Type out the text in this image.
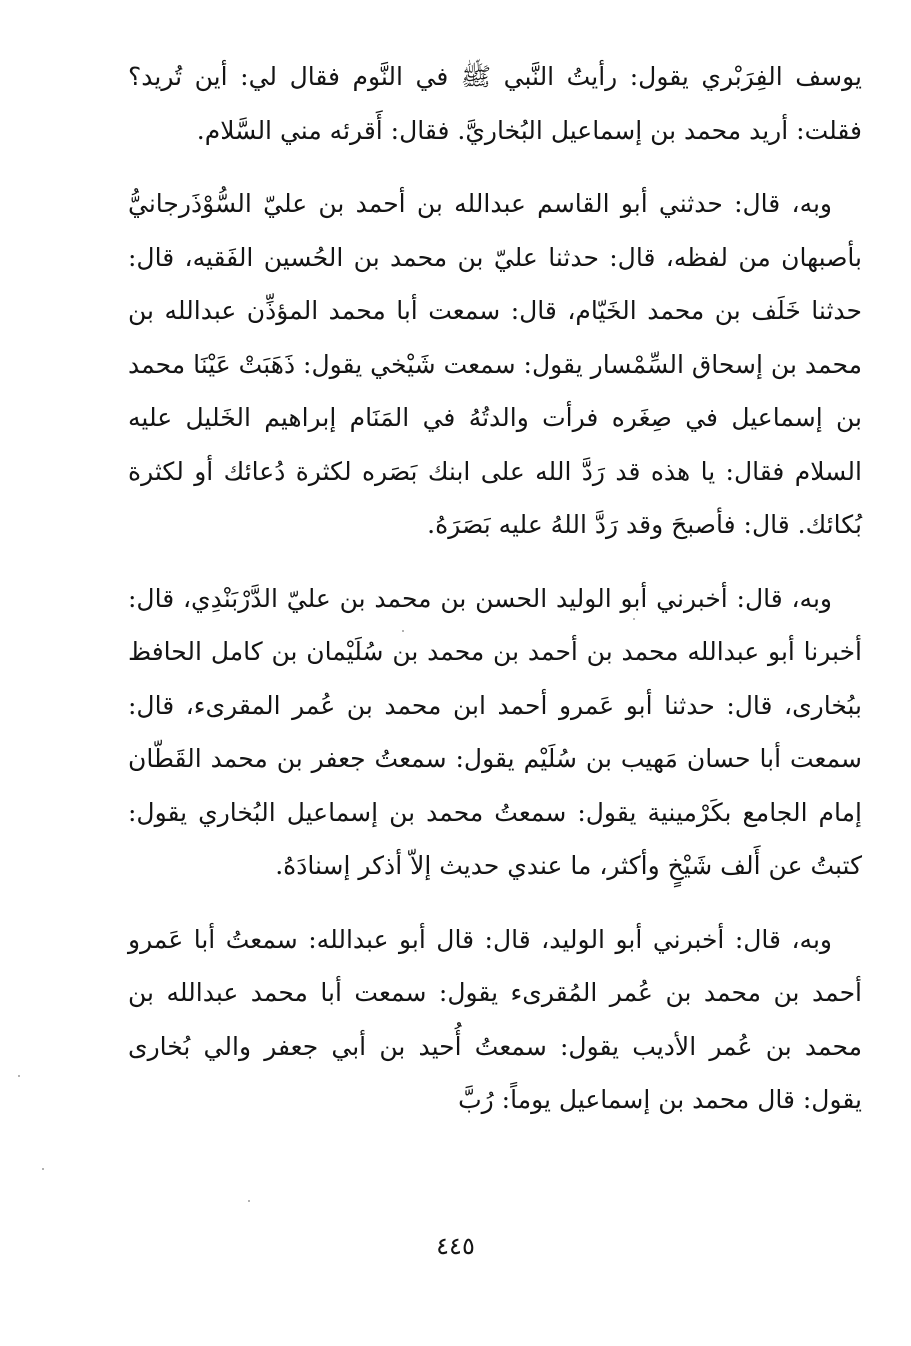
يوسف الفِرَبْري يقول: رأيتُ النَّبي ﷺ في النَّوم فقال لي: أين تُريد؟ فقلت: أريد محمد بن إسماعيل البُخاريَّ. فقال: أَقرئه مني السَّلام.

وبه، قال: حدثني أبو القاسم عبدالله بن أحمد بن عليّ السُّوْذَرجانيُّ بأصبهان من لفظه، قال: حدثنا عليّ بن محمد بن الحُسين الفَقيه، قال: حدثنا خَلَف بن محمد الخَيّام، قال: سمعت أبا محمد المؤذِّن عبدالله بن محمد بن إسحاق السِّمْسار يقول: سمعت شَيْخي يقول: ذَهَبَتْ عَيْنَا محمد بن إسماعيل في صِغَره فرأت والدتُهُ في المَنَام إبراهيم الخَليل عليه السلام فقال: يا هذه قد رَدَّ الله على ابنك بَصَره لكثرة دُعائك أو لكثرة بُكائك. قال: فأصبحَ وقد رَدَّ اللهُ عليه بَصَرَهُ.

وبه، قال: أخبرني أبو الوليد الحسن بن محمد بن عليّ الدَّرْبَنْدِي، قال: أخبرنا أبو عبدالله محمد بن أحمد بن محمد بن سُلَيْمان بن كامل الحافظ ببُخارى، قال: حدثنا أبو عَمرو أحمد ابن محمد بن عُمر المقرىء، قال: سمعت أبا حسان مَهيب بن سُلَيْم يقول: سمعتُ جعفر بن محمد القَطّان إمام الجامع بكَرْمينية يقول: سمعتُ محمد بن إسماعيل البُخاري يقول: كتبتُ عن أَلف شَيْخٍ وأكثر، ما عندي حديث إلاّ أذكر إسنادَهُ.

وبه، قال: أخبرني أبو الوليد، قال: قال أبو عبدالله: سمعتُ أبا عَمرو أحمد بن محمد بن عُمر المُقرىء يقول: سمعت أبا محمد عبدالله بن محمد بن عُمر الأديب يقول: سمعتُ أُحيد بن أبي جعفر والي بُخارى يقول: قال محمد بن إسماعيل يوماً: رُبَّ

٤٤٥
